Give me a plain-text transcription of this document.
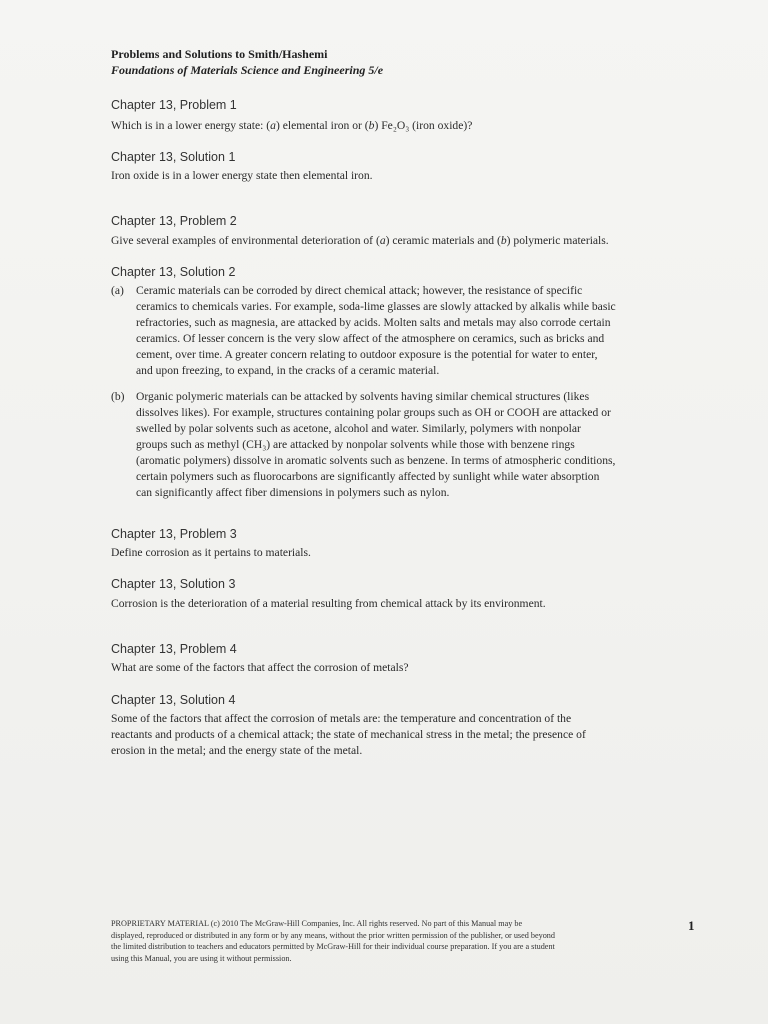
Problems and Solutions to Smith/Hashemi
Foundations of Materials Science and Engineering 5/e
Chapter 13, Problem 1
Which is in a lower energy state: (a) elemental iron or (b) Fe₂O₃ (iron oxide)?
Chapter 13, Solution 1
Iron oxide is in a lower energy state then elemental iron.
Chapter 13, Problem 2
Give several examples of environmental deterioration of (a) ceramic materials and (b) polymeric materials.
Chapter 13, Solution 2
(a)	Ceramic materials can be corroded by direct chemical attack; however, the resistance of specific
ceramics to chemicals varies. For example, soda-lime glasses are slowly attacked by alkalis while basic
refractories, such as magnesia, are attacked by acids. Molten salts and metals may also corrode certain
ceramics. Of lesser concern is the very slow affect of the atmosphere on ceramics, such as bricks and
cement, over time. A greater concern relating to outdoor exposure is the potential for water to enter,
and upon freezing, to expand, in the cracks of a ceramic material.
(b) Organic polymeric materials can be attacked by solvents having similar chemical structures (likes
dissolves likes). For example, structures containing polar groups such as OH or COOH are attacked or
swelled by polar solvents such as acetone, alcohol and water. Similarly, polymers with nonpolar
groups such as methyl (CH₃) are attacked by nonpolar solvents while those with benzene rings
(aromatic polymers) dissolve in aromatic solvents such as benzene. In terms of atmospheric conditions,
certain polymers such as fluorocarbons are significantly affected by sunlight while water absorption
can significantly affect fiber dimensions in polymers such as nylon.
Chapter 13, Problem 3
Define corrosion as it pertains to materials.
Chapter 13, Solution 3
Corrosion is the deterioration of a material resulting from chemical attack by its environment.
Chapter 13, Problem 4
What are some of the factors that affect the corrosion of metals?
Chapter 13, Solution 4
Some of the factors that affect the corrosion of metals are: the temperature and concentration of the
reactants and products of a chemical attack; the state of mechanical stress in the metal; the presence of
erosion in the metal; and the energy state of the metal.
PROPRIETARY MATERIAL (c) 2010 The McGraw-Hill Companies, Inc. All rights reserved. No part of this Manual may be
displayed, reproduced or distributed in any form or by any means, without the prior written permission of the publisher, or used beyond
the limited distribution to teachers and educators permitted by McGraw-Hill for their individual course preparation. If you are a student
using this Manual, you are using it without permission.
1
